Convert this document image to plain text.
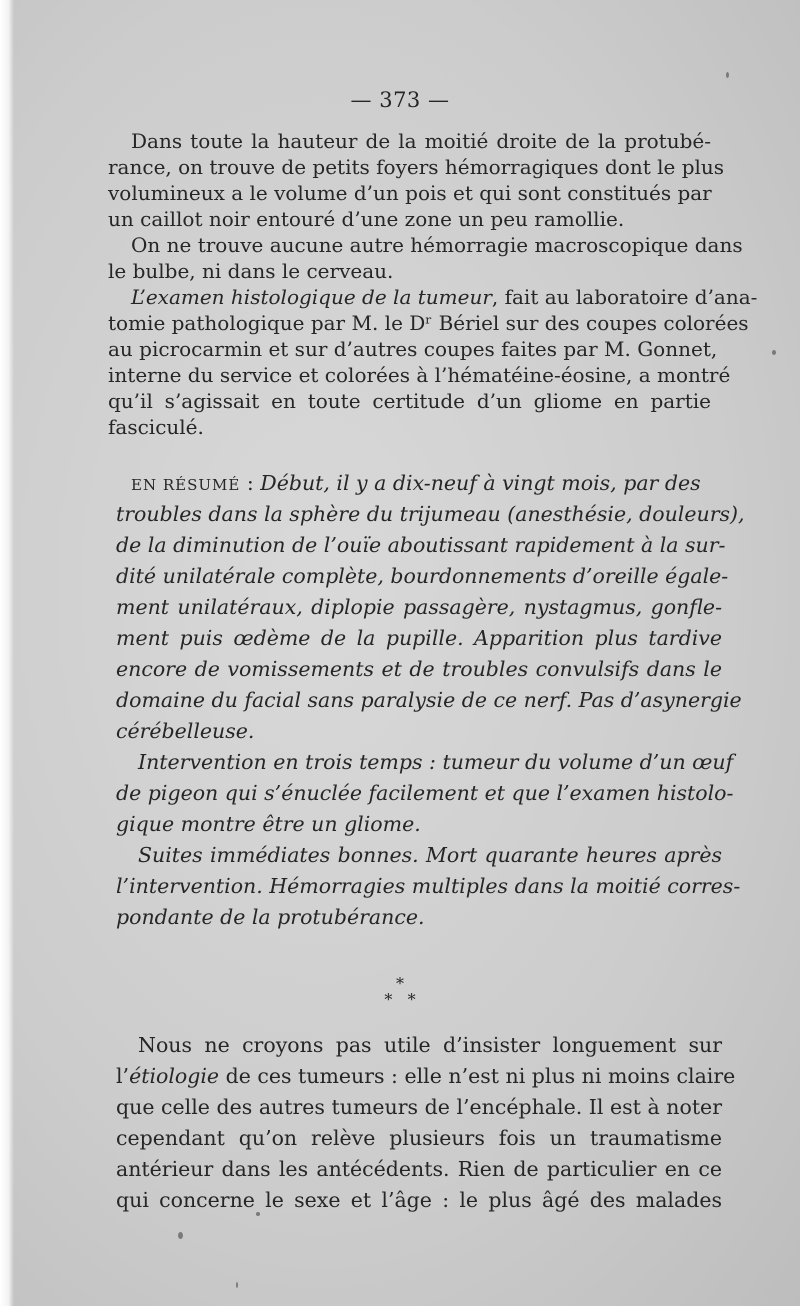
— 373 —
Dans toute la hauteur de la moitié droite de la protubé-
rance, on trouve de petits foyers hémorragiques dont le plus
volumineux a le volume d’un pois et qui sont constitués par
un caillot noir entouré d’une zone un peu ramollie.
On ne trouve aucune autre hémorragie macroscopique dans
le bulbe, ni dans le cerveau.
L’examen histologique de la tumeur, fait au laboratoire d’ana-
tomie pathologique par M. le Dʳ Bériel sur des coupes colorées
au picrocarmin et sur d’autres coupes faites par M. Gonnet,
interne du service et colorées à l’hématéine-éosine, a montré
qu’il s’agissait en toute certitude d’un gliome en partie
fasciculé.
EN RÉSUMÉ : Début, il y a dix-neuf à vingt mois, par des
troubles dans la sphère du trijumeau (anesthésie, douleurs),
de la diminution de l’ouïe aboutissant rapidement à la sur-
dité unilatérale complète, bourdonnements d’oreille égale-
ment unilatéraux, diplopie passagère, nystagmus, gonfle-
ment puis œdème de la pupille. Apparition plus tardive
encore de vomissements et de troubles convulsifs dans le
domaine du facial sans paralysie de ce nerf. Pas d’asynergie
cérébelleuse.
Intervention en trois temps : tumeur du volume d’un œuf
de pigeon qui s’énuclée facilement et que l’examen histolo-
gique montre être un gliome.
Suites immédiates bonnes. Mort quarante heures après
l’intervention. Hémorragies multiples dans la moitié corres-
pondante de la protubérance.
*
*   *
Nous ne croyons pas utile d’insister longuement sur
l’étiologie de ces tumeurs : elle n’est ni plus ni moins claire
que celle des autres tumeurs de l’encéphale. Il est à noter
cependant qu’on relève plusieurs fois un traumatisme
antérieur dans les antécédents. Rien de particulier en ce
qui concerne le sexe et l’âge : le plus âgé des malades
